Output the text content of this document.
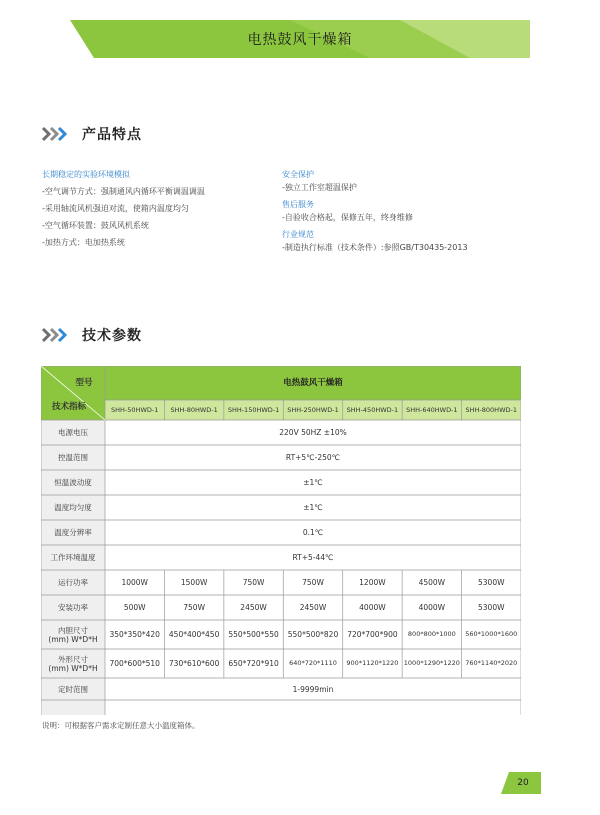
电热鼓风干燥箱
产品特点
长期稳定的实验环境模拟
-空气调节方式：强制通风内循环平衡调温调温
-采用轴流风机强迫对流，使箱内温度均匀
-空气循环装置：鼓风风机系统
-加热方式：电加热系统
安全保护
-独立工作室超温保护
售后服务
-自验收合格起，保修五年，终身维修
行业规范
-制造执行标准（技术条件）:参照GB/T30435-2013
技术参数
型号
技术指标
电热鼓风干燥箱
SHH-50HWD-1	SHH-80HWD-1	SHH-150HWD-1	SHH-250HWD-1	SHH-450HWD-1	SHH-640HWD-1	SHH-800HWD-1
电源电压	220V 50HZ ±10%
控温范围	RT+5℃-250℃
恒温波动度	±1℃
温度均匀度	±1℃
温度分辨率	0.1℃
工作环境温度	RT+5-44℃
运行功率	1000W	1500W	750W	750W	1200W	4500W	5300W
安装功率	500W	750W	2450W	2450W	4000W	4000W	5300W
内胆尺寸
(mm) W*D*H	350*350*420	450*400*450	550*500*550	550*500*820	720*700*900	800*800*1000	560*1000*1600
外形尺寸
(mm) W*D*H	700*600*510	730*610*600	650*720*910	640*720*1110	900*1120*1220 1000*1290*1220 760*1140*2020
定时范围	1-9999min
说明：可根据客户需求定制任意大小温度箱体。
20
